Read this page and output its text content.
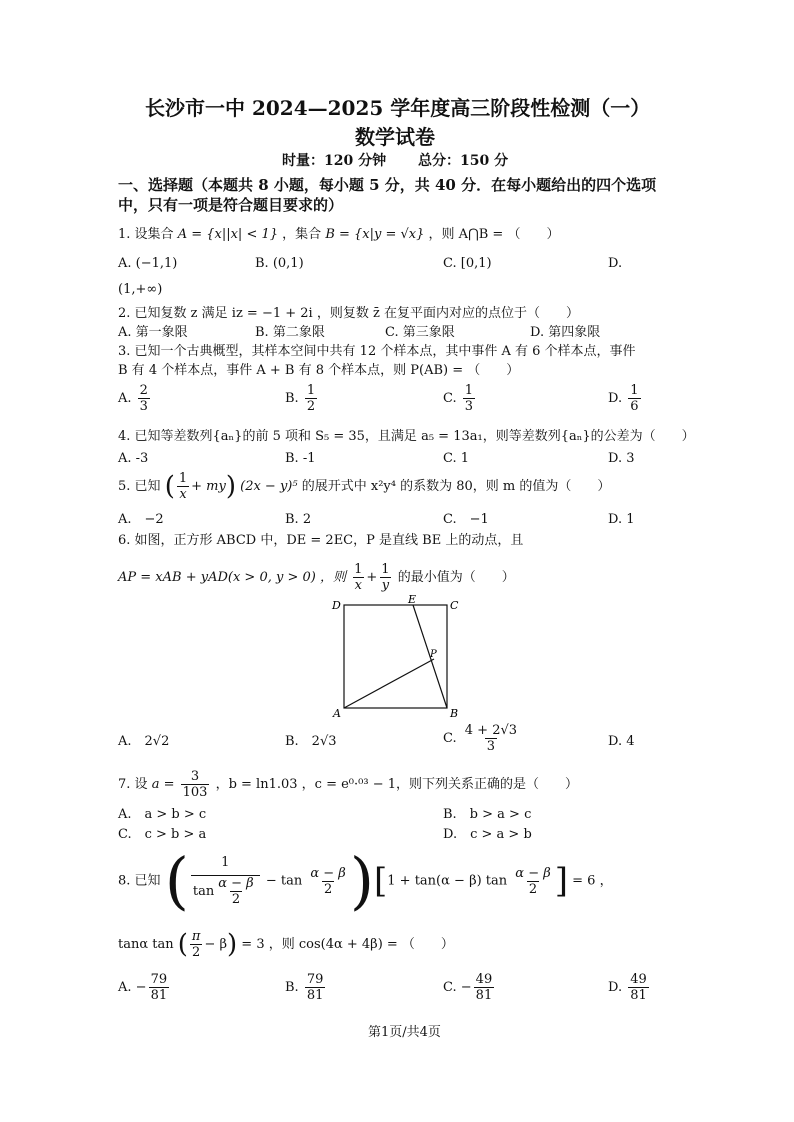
长沙市一中 2024—2025 学年度高三阶段性检测（一）
数学试卷
时量：120 分钟 总分：150 分
一、选择题（本题共 8 小题，每小题 5 分，共 40 分．在每小题给出的四个选项
中，只有一项是符合题目要求的）
1. 设集合 A = {x||x| < 1} ，集合 B = {x|y = √x} ，则 A⋂B = （　　）
A. (−1,1)	B. (0,1)	C. [0,1)	D.
(1,+∞)
2. 已知复数 z 满足 iz = −1 + 2i ，则复数 z̄ 在复平面内对应的点位于（　　）
A. 第一象限	B. 第二象限	C. 第三象限	D. 第四象限
3. 已知一个古典概型，其样本空间中共有 12 个样本点，其中事件 A 有 6 个样本点，事件
B 有 4 个样本点，事件 A + B 有 8 个样本点，则 P(AB) = （　　）
A. $\frac{2}{3}$	B. $\frac{1}{2}$	C. $\frac{1}{3}$	D. $\frac{1}{6}$
4. 已知等差数列{aₙ}的前 5 项和 S₅ = 35，且满足 a₅ = 13a₁，则等差数列{aₙ}的公差为（　　）
A. -3	B. -1	C. 1	D. 3
5. 已知 ( $\frac{1}{x} + my$) (2x − y)⁵ 的展开式中 x²y⁴ 的系数为 80，则 m 的值为（　　）
A.　−2	B. 2	C.　−1	D. 1
6. 如图，正方形 ABCD 中，DE = 2EC，P 是直线 BE 上的动点，且
AP = xAB + yAD(x > 0, y > 0) ，则 $\frac{1}{x} + \frac{1}{y}$ 的最小值为（　　）
D	E	C
P
A	B
A.　2√2	B.　2√3	C. $\frac{4 + 2√3}{3}$	D. 4
7. 设 $a = \frac{3}{103}$ ，b = ln1.03 ，c = e⁰·⁰³ − 1，则下列关系正确的是（　　）
A.　a > b > c	B.　b > a > c
C.　c > b > a	D.　c > a > b
8. 已知 ( $\frac{1}{\tan \frac{\alpha - \beta}{2}} - \tan \frac{\alpha - \beta}{2} )[1 + \tan(\alpha - \beta)$ $\tan \frac{\alpha - \beta}{2}$ ] = 6 ，
tanα tan ( $\frac{\pi}{2} - \beta) = 3$ ，则 cos(4α + 4β) = （　　）
A. − $\frac{79}{81}$	B. $\frac{79}{81}$	C. − $\frac{49}{81}$	D. $\frac{49}{81}$
第1页/共4页
